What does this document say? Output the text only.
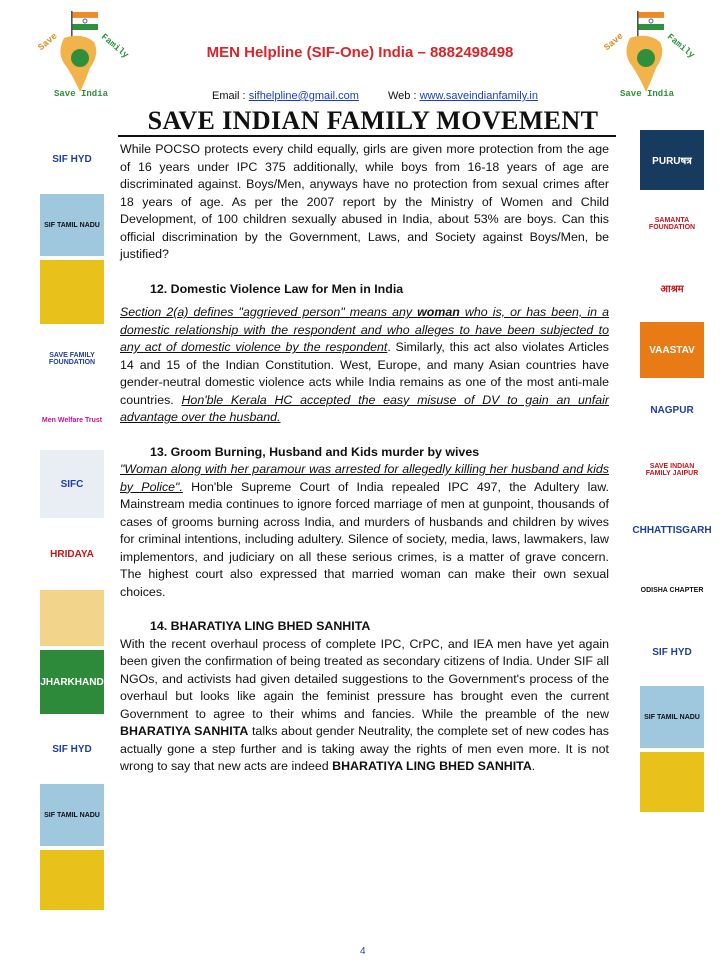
Save	Family
Save India
Save	Family
Save India
MEN Helpline (SIF-One) India – 8882498498
Email : sifhelpline@gmail.com	Web : www.saveindianfamily.in
SAVE INDIAN FAMILY MOVEMENT
SIF HYD
SIF TAMIL NADU
SAVE FAMILY FOUNDATION
Men Welfare Trust
SIFC
HRIDAYA
JHARKHAND
SIF HYD
SIF TAMIL NADU
PURUषत्र
SAMANTA FOUNDATION
आश्रम
VAASTAV
NAGPUR
SAVE INDIAN FAMILY JAIPUR
CHHATTISGARH
ODISHA CHAPTER
SIF HYD
SIF TAMIL NADU

While POCSO protects every child equally, girls are given more protection from the age of 16 years under IPC 375 additionally, while boys from 16-18 years of age are discriminated against. Boys/Men, anyways have no protection from sexual crimes after 18 years of age. As per the 2007 report by the Ministry of Women and Child Development, of 100 children sexually abused in India, about 53% are boys. Can this official discrimination by the Government, Laws, and Society against Boys/Men, be justified?

12. Domestic Violence Law for Men in India

Section 2(a) defines "aggrieved person" means any woman who is, or has been, in a domestic relationship with the respondent and who alleges to have been subjected to any act of domestic violence by the respondent. Similarly, this act also violates Articles 14 and 15 of the Indian Constitution. West, Europe, and many Asian countries have gender-neutral domestic violence acts while India remains as one of the most anti-male countries. Hon'ble Kerala HC accepted the easy misuse of DV to gain an unfair advantage over the husband.

13. Groom Burning, Husband and Kids murder by wives

"Woman along with her paramour was arrested for allegedly killing her husband and kids by Police". Hon'ble Supreme Court of India repealed IPC 497, the Adultery law. Mainstream media continues to ignore forced marriage of men at gunpoint, thousands of cases of grooms burning across India, and murders of husbands and children by wives for criminal intentions, including adultery. Silence of society, media, laws, lawmakers, law implementors, and judiciary on all these serious crimes, is a matter of grave concern. The highest court also expressed that married woman can make their own sexual choices.

14. BHARATIYA LING BHED SANHITA

With the recent overhaul process of complete IPC, CrPC, and IEA men have yet again been given the confirmation of being treated as secondary citizens of India. Under SIF all NGOs, and activists had given detailed suggestions to the Government's process of the overhaul but looks like again the feminist pressure has brought even the current Government to agree to their whims and fancies. While the preamble of the new BHARATIYA SANHITA talks about gender Neutrality, the complete set of new codes has actually gone a step further and is taking away the rights of men even more. It is not wrong to say that new acts are indeed BHARATIYA LING BHED SANHITA.

4
